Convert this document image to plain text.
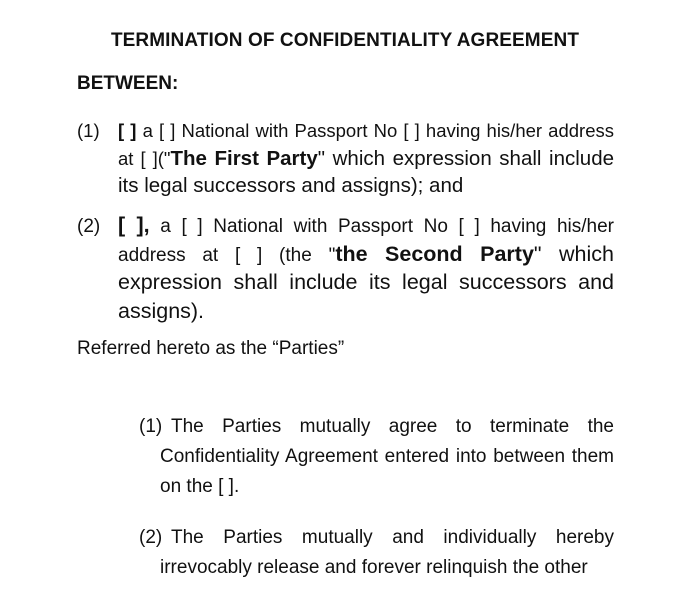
TERMINATION OF CONFIDENTIALITY AGREEMENT
BETWEEN:
(1) [ ] a [ ] National with Passport No [ ] having his/her address at [ ]("The First Party" which expression shall include its legal successors and assigns); and
(2) [ ], a [ ] National with Passport No [ ] having his/her address at [ ] (the "the Second Party" which expression shall include its legal successors and assigns).
Referred hereto as the “Parties”
(1) The Parties mutually agree to terminate the Confidentiality Agreement entered into between them on the [ ].
(2) The Parties mutually and individually hereby irrevocably release and forever relinquish the other
